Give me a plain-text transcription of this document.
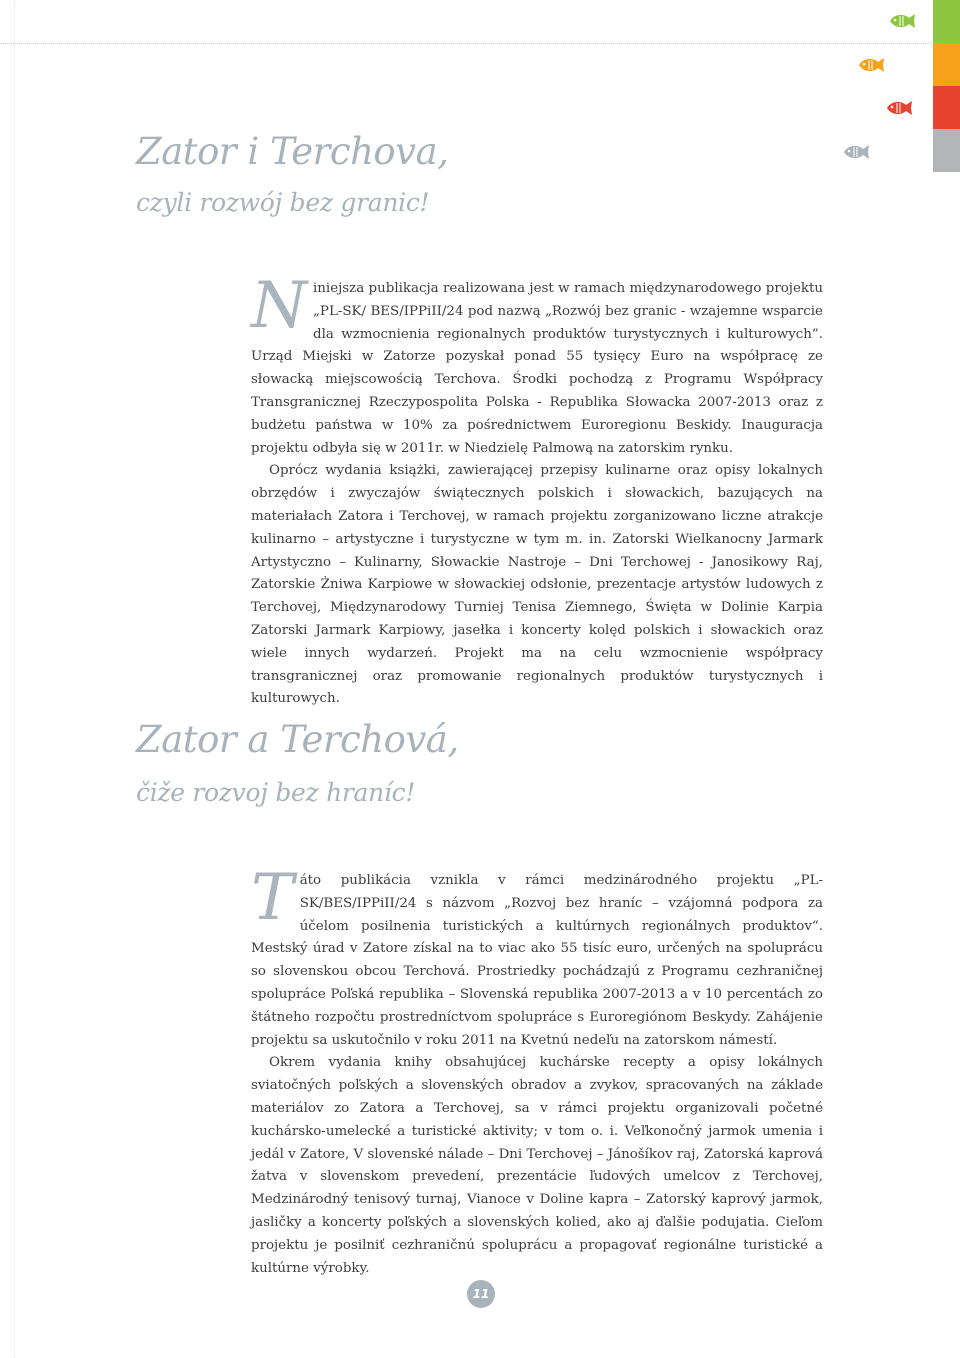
Zator i Terchova,
czyli rozwój bez granic!

Niniejsza publikacja realizowana jest w ramach międzynarodowego projektu „PL-SK/ BES/IPPiII/24 pod nazwą „Rozwój bez granic - wzajemne wsparcie dla wzmocnienia regionalnych produktów turystycznych i kulturowych”. Urząd Miejski w Zatorze pozyskał ponad 55 tysięcy Euro na współpracę ze słowacką miejscowością Terchova. Środki pochodzą z Programu Współpracy Transgranicznej Rzeczypospolita Polska - Republika Słowacka 2007-2013 oraz z budżetu państwa w 10% za pośrednictwem Euroregionu Beskidy. Inauguracja projektu odbyła się w 2011r. w Niedzielę Palmową na zatorskim rynku.

Oprócz wydania książki, zawierającej przepisy kulinarne oraz opisy lokalnych obrzędów i zwyczajów świątecznych polskich i słowackich, bazujących na materiałach Zatora i Terchovej, w ramach projektu zorganizowano liczne atrakcje kulinarno – artystyczne i turystyczne w tym m. in. Zatorski Wielkanocny Jarmark Artystyczno – Kulinarny, Słowackie Nastroje – Dni Terchowej - Janosikowy Raj, Zatorskie Żniwa Karpiowe w słowackiej odsłonie, prezentacje artystów ludowych z Terchovej, Międzynarodowy Turniej Tenisa Ziemnego, Święta w Dolinie Karpia Zatorski Jarmark Karpiowy, jasełka i koncerty kolęd polskich i słowackich oraz wiele innych wydarzeń. Projekt ma na celu wzmocnienie współpracy transgranicznej oraz promowanie regionalnych produktów turystycznych i kulturowych.

Zator a Terchová,
čiže rozvoj bez hraníc!

Táto publikácia vznikla v rámci medzinárodného projektu „PL-SK/BES/IPPiII/24 s názvom „Rozvoj bez hraníc – vzájomná podpora za účelom posilnenia turistických a kultúrnych regionálnych produktov“. Mestský úrad v Zatore získal na to viac ako 55 tisíc euro, určených na spoluprácu so slovenskou obcou Terchová. Prostriedky pochádzajú z Programu cezhraničnej spolupráce Poľská republika – Slovenská republika 2007-2013 a v 10 percentách zo štátneho rozpočtu prostredníctvom spolupráce s Euroregiónom Beskydy. Zahájenie projektu sa uskutočnilo v roku 2011 na Kvetnú nedeľu na zatorskom námestí.

Okrem vydania knihy obsahujúcej kuchárske recepty a opisy lokálnych sviatočných poľských a slovenských obradov a zvykov, spracovaných na základe materiálov zo Zatora a Terchovej, sa v rámci projektu organizovali početné kuchársko-umelecké a turistické aktivity; v tom o. i. Veľkonočný jarmok umenia i jedál v Zatore, V slovenské nálade – Dni Terchovej – Jánošíkov raj, Zatorská kaprová žatva v slovenskom prevedení, prezentácie ľudových umelcov z Terchovej, Medzinárodný tenisový turnaj, Vianoce v Doline kapra – Zatorský kaprový jarmok, jasličky a koncerty poľských a slovenských kolied, ako aj ďalšie podujatia. Cieľom projektu je posilniť cezhraničnú spoluprácu a propagovať regionálne turistické a kultúrne výrobky.

11
